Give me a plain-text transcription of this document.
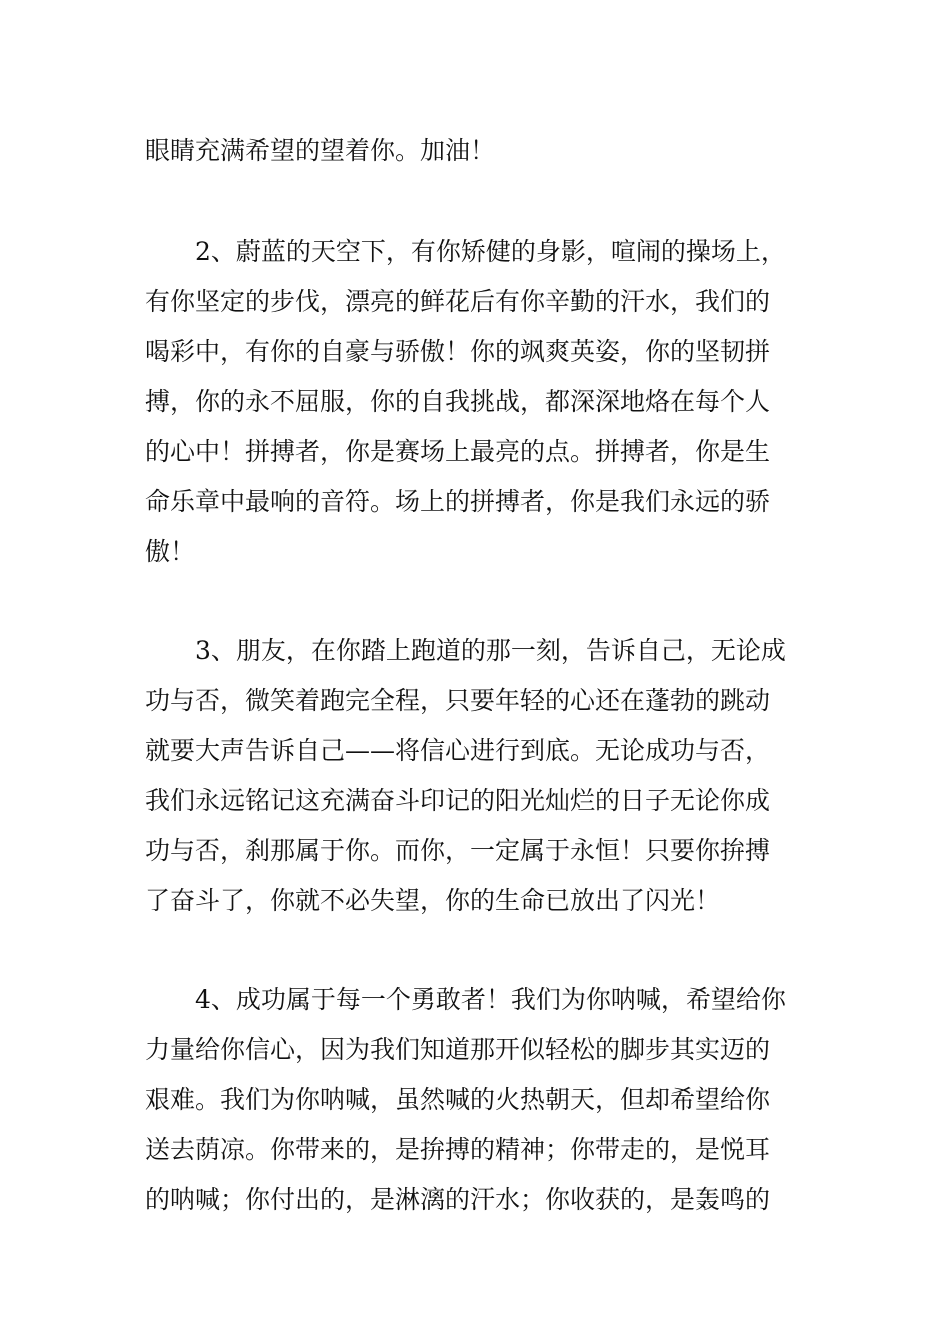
眼睛充满希望的望着你。加油！
2、蔚蓝的天空下，有你矫健的身影，喧闹的操场上，
有你坚定的步伐，漂亮的鲜花后有你辛勤的汗水，我们的
喝彩中，有你的自豪与骄傲！你的飒爽英姿，你的坚韧拼
搏，你的永不屈服，你的自我挑战，都深深地烙在每个人
的心中！拼搏者，你是赛场上最亮的点。拼搏者，你是生
命乐章中最响的音符。场上的拼搏者，你是我们永远的骄
傲！
3、朋友，在你踏上跑道的那一刻，告诉自己，无论成
功与否，微笑着跑完全程，只要年轻的心还在蓬勃的跳动
就要大声告诉自己——将信心进行到底。无论成功与否，
我们永远铭记这充满奋斗印记的阳光灿烂的日子无论你成
功与否，刹那属于你。而你，一定属于永恒！只要你拚搏
了奋斗了，你就不必失望，你的生命已放出了闪光！
4、成功属于每一个勇敢者！我们为你呐喊，希望给你
力量给你信心，因为我们知道那开似轻松的脚步其实迈的
艰难。我们为你呐喊，虽然喊的火热朝天，但却希望给你
送去荫凉。你带来的，是拚搏的精神；你带走的，是悦耳
的呐喊；你付出的，是淋漓的汗水；你收获的，是轰鸣的
